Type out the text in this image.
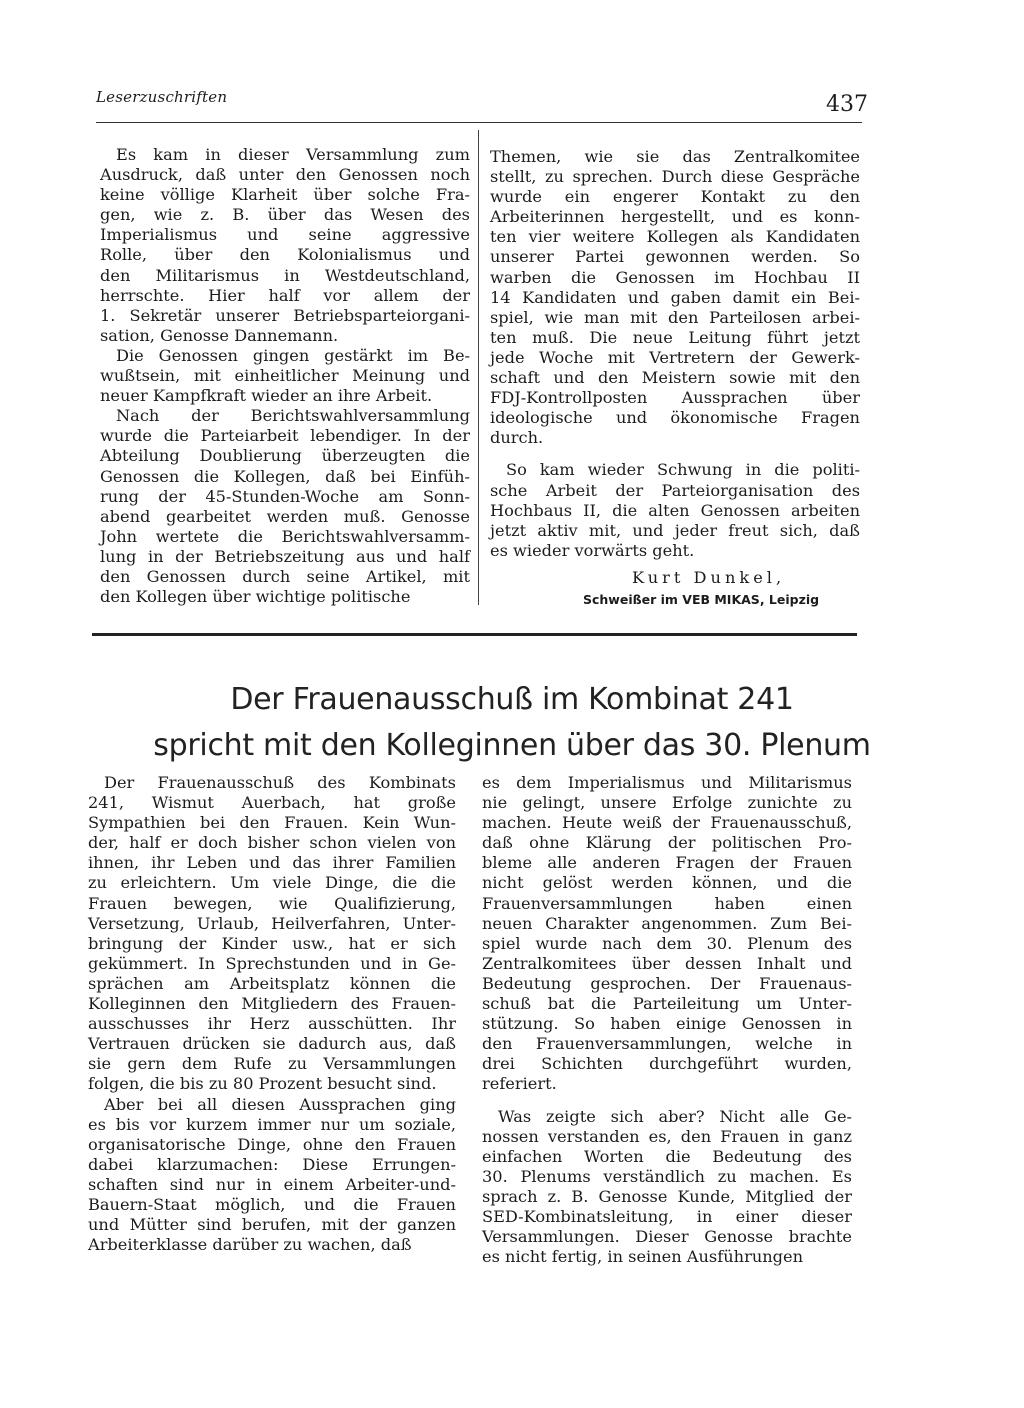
Leserzuschriften	437
Es kam in dieser Versammlung zum
Ausdruck, daß unter den Genossen noch
keine völlige Klarheit über solche Fra-
gen, wie z. B. über das Wesen des
Imperialismus und seine aggressive
Rolle, über den Kolonialismus und
den Militarismus in Westdeutschland,
herrschte. Hier half vor allem der
1. Sekretär unserer Betriebsparteiorgani-
sation, Genosse Dannemann.
Die Genossen gingen gestärkt im Be-
wußtsein, mit einheitlicher Meinung und
neuer Kampfkraft wieder an ihre Arbeit.
Nach der Berichtswahlversammlung
wurde die Parteiarbeit lebendiger. In der
Abteilung Doublierung überzeugten die
Genossen die Kollegen, daß bei Einfüh-
rung der 45-Stunden-Woche am Sonn-
abend gearbeitet werden muß. Genosse
John wertete die Berichtswahlversamm-
lung in der Betriebszeitung aus und half
den Genossen durch seine Artikel, mit
den Kollegen über wichtige politische
Themen, wie sie das Zentralkomitee
stellt, zu sprechen. Durch diese Gespräche
wurde ein engerer Kontakt zu den
Arbeiterinnen hergestellt, und es konn-
ten vier weitere Kollegen als Kandidaten
unserer Partei gewonnen werden. So
warben die Genossen im Hochbau II
14 Kandidaten und gaben damit ein Bei-
spiel, wie man mit den Parteilosen arbei-
ten muß. Die neue Leitung führt jetzt
jede Woche mit Vertretern der Gewerk-
schaft und den Meistern sowie mit den
FDJ-Kontrollposten Aussprachen über
ideologische und ökonomische Fragen
durch.
So kam wieder Schwung in die politi-
sche Arbeit der Parteiorganisation des
Hochbaus II, die alten Genossen arbeiten
jetzt aktiv mit, und jeder freut sich, daß
es wieder vorwärts geht.
Kurt Dunkel,
Schweißer im VEB MIKAS, Leipzig
Der Frauenausschuß im Kombinat 241
spricht mit den Kolleginnen über das 30. Plenum
Der Frauenausschuß des Kombinats
241, Wismut Auerbach, hat große
Sympathien bei den Frauen. Kein Wun-
der, half er doch bisher schon vielen von
ihnen, ihr Leben und das ihrer Familien
zu erleichtern. Um viele Dinge, die die
Frauen bewegen, wie Qualifizierung,
Versetzung, Urlaub, Heilverfahren, Unter-
bringung der Kinder usw., hat er sich
gekümmert. In Sprechstunden und in Ge-
sprächen am Arbeitsplatz können die
Kolleginnen den Mitgliedern des Frauen-
ausschusses ihr Herz ausschütten. Ihr
Vertrauen drücken sie dadurch aus, daß
sie gern dem Rufe zu Versammlungen
folgen, die bis zu 80 Prozent besucht sind.
Aber bei all diesen Aussprachen ging
es bis vor kurzem immer nur um soziale,
organisatorische Dinge, ohne den Frauen
dabei klarzumachen: Diese Errungen-
schaften sind nur in einem Arbeiter-und-
Bauern-Staat möglich, und die Frauen
und Mütter sind berufen, mit der ganzen
Arbeiterklasse darüber zu wachen, daß
es dem Imperialismus und Militarismus
nie gelingt, unsere Erfolge zunichte zu
machen. Heute weiß der Frauenausschuß,
daß ohne Klärung der politischen Pro-
bleme alle anderen Fragen der Frauen
nicht gelöst werden können, und die
Frauenversammlungen haben einen
neuen Charakter angenommen. Zum Bei-
spiel wurde nach dem 30. Plenum des
Zentralkomitees über dessen Inhalt und
Bedeutung gesprochen. Der Frauenaus-
schuß bat die Parteileitung um Unter-
stützung. So haben einige Genossen in
den Frauenversammlungen, welche in
drei Schichten durchgeführt wurden,
referiert.
Was zeigte sich aber? Nicht alle Ge-
nossen verstanden es, den Frauen in ganz
einfachen Worten die Bedeutung des
30. Plenums verständlich zu machen. Es
sprach z. B. Genosse Kunde, Mitglied der
SED-Kombinatsleitung, in einer dieser
Versammlungen. Dieser Genosse brachte
es nicht fertig, in seinen Ausführungen
